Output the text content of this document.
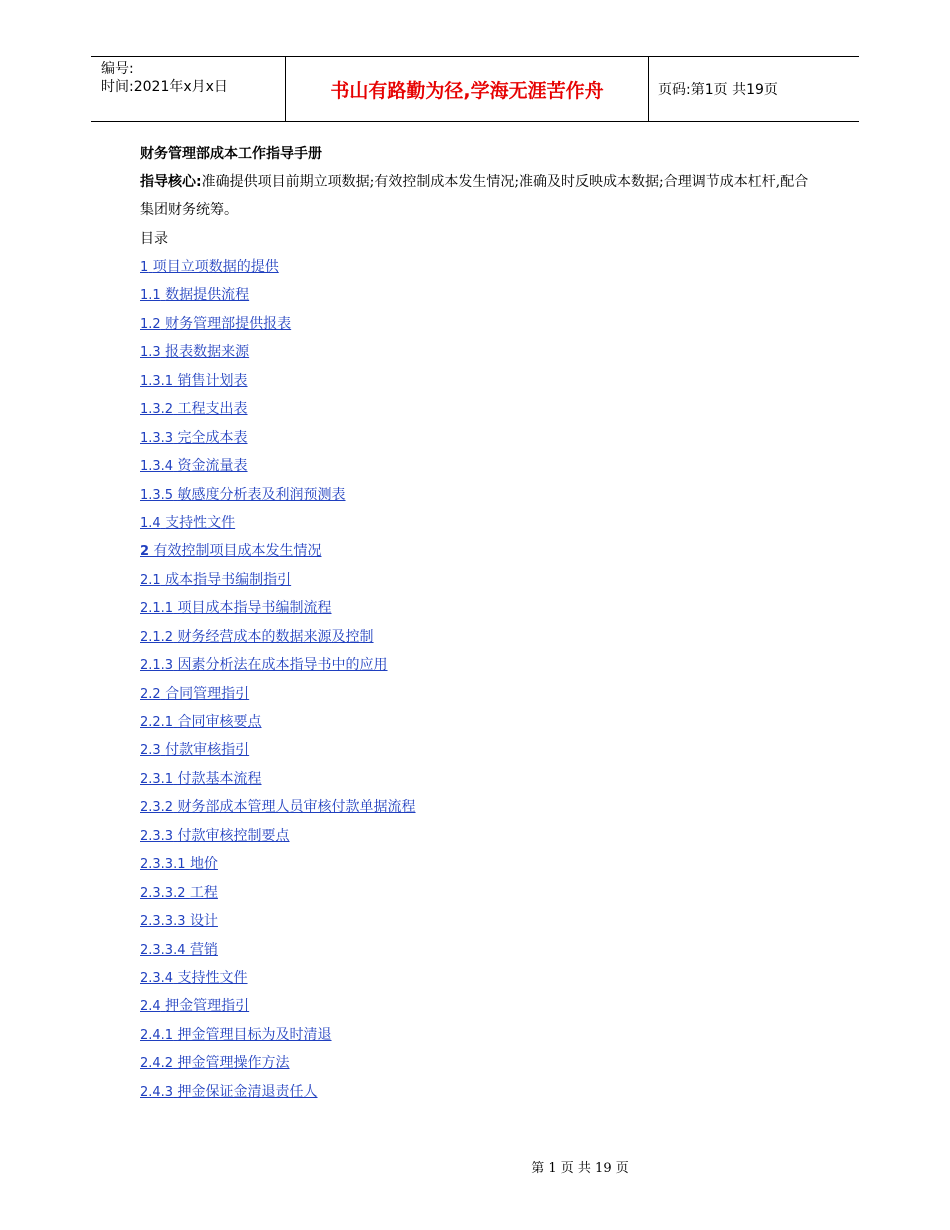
编号:
时间:2021年x月x日	书山有路勤为径,学海无涯苦作舟	页码:第1页 共19页
财务管理部成本工作指导手册
指导核心:准确提供项目前期立项数据;有效控制成本发生情况;准确及时反映成本数据;合理调节成本杠杆,配合集团财务统筹。
目录
1 项目立项数据的提供
1.1 数据提供流程
1.2 财务管理部提供报表
1.3 报表数据来源
1.3.1 销售计划表
1.3.2 工程支出表
1.3.3 完全成本表
1.3.4 资金流量表
1.3.5 敏感度分析表及利润预测表
1.4 支持性文件
2 有效控制项目成本发生情况
2.1 成本指导书编制指引
2.1.1 项目成本指导书编制流程
2.1.2 财务经营成本的数据来源及控制
2.1.3 因素分析法在成本指导书中的应用
2.2 合同管理指引
2.2.1 合同审核要点
2.3 付款审核指引
2.3.1 付款基本流程
2.3.2 财务部成本管理人员审核付款单据流程
2.3.3 付款审核控制要点
2.3.3.1 地价
2.3.3.2 工程
2.3.3.3 设计
2.3.3.4 营销
2.3.4 支持性文件
2.4 押金管理指引
2.4.1 押金管理目标为及时清退
2.4.2 押金管理操作方法
2.4.3 押金保证金清退责任人
第 1 页 共 19 页
